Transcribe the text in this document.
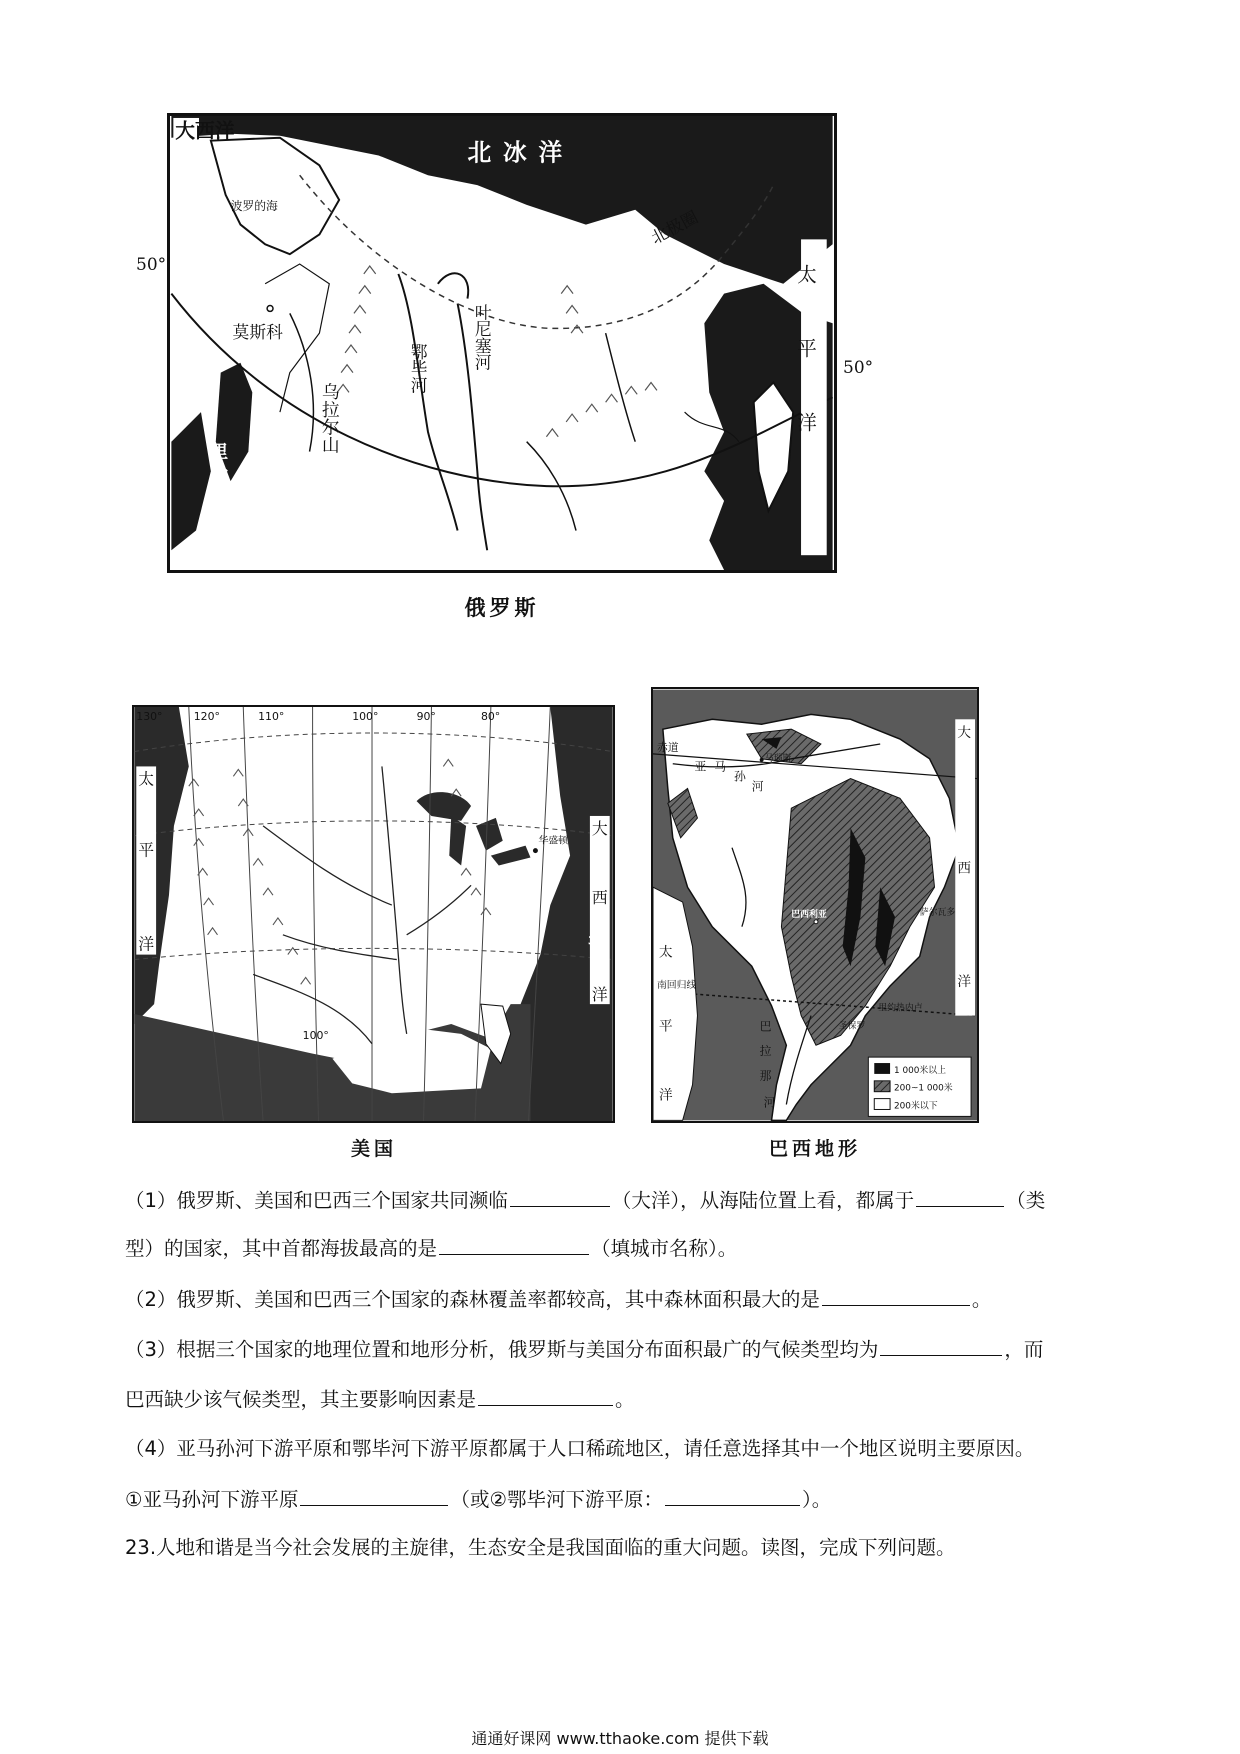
大西洋
北冰洋
北极圈
波罗的海
莫斯科
乌拉尔山
鄂毕河	叶尼塞河	太平洋
里海
50°
50°
俄罗斯
130°	120°	110°	100°	90°	80°
100°
太
平
洋
大
西
洋
30°
华盛顿
美国
赤道
亚 马
孙
河
马瑙斯
巴西利亚	萨尔瓦多
里约热内卢
圣保罗
南回归线
巴
拉
那
河
太
平
洋
大
西
洋
1 000米以上
200~1 000米
200米以下
巴西地形
（1）俄罗斯、美国和巴西三个国家共同濒临	（大洋），从海陆位置上看，都属于	（类
型）的国家，其中首都海拔最高的是	（填城市名称）。
（2）俄罗斯、美国和巴西三个国家的森林覆盖率都较高，其中森林面积最大的是	。
（3）根据三个国家的地理位置和地形分析，俄罗斯与美国分布面积最广的气候类型均为	，而
巴西缺少该气候类型，其主要影响因素是	。
（4）亚马孙河下游平原和鄂毕河下游平原都属于人口稀疏地区，请任意选择其中一个地区说明主要原因。
①亚马孙河下游平原	（或②鄂毕河下游平原：	）。
23.人地和谐是当今社会发展的主旋律，生态安全是我国面临的重大问题。读图，完成下列问题。
通通好课网 www.tthaoke.com 提供下载
